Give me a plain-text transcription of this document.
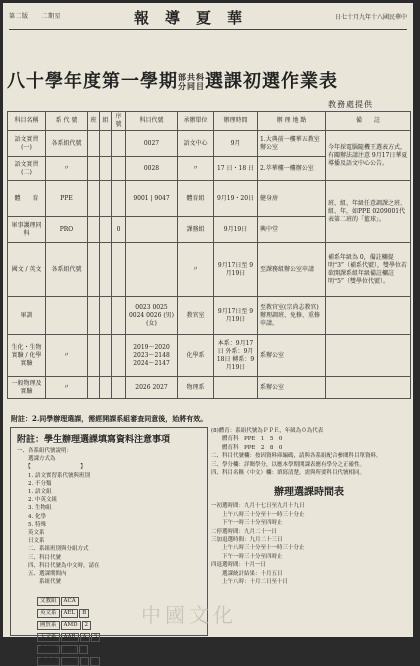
第二版　　二期星	報導夏華	日七十月九年十八國民華中
八十學年度第一學期部共科
分同目選課初選作業表
教務處提供
科目名稱	系 代 號	班	組	序號	科目代號	承辦單位	辦理時間	辦 理 地 點	備　　註
語文實習(一)	各系組代號				0027	語文中心	9月	1.大典前一樓華五教室辦公室	今年採電腦隨機王選表方式，有關辦法請注意 9月17日華夏導播及語文中心公告。
語文實習(二)	〃				0028	〃	17 日・18 日	2.萃華樓一樓辦公室	
體　　育	PPE				9001 | 9047	體育組	9月19・20日	健身房	班、組、年級任意調課之班、組、年，如PPE 0209001代表第二班的「籃球」。
軍事護理同科	PRO			0		課務組	9月19日	興中堂	
國文 / 英文	各系組代號					〃	9月17日至 9月19日	至課務組辦公室申請	補系年級為 0，備註欄提明“3”（補系代號），雙學位若欲開課系組年級備註欄註明“5”（雙學位代號）。
軍訓					0023 0025 0024 0026 (男) (女)	教官室	9月17日至 9月19日	至教官室(宗尚志教官)辦理調班、免修、重修申請。	
生化・生物實驗 / 化學實驗	〃				2019～2020 2023～2148 2024～2147	化學系	本系：9月17日 外系：9月18日 轉系：9月19日	系辦公室	
一般物理及實驗	〃				2026 2027	物理系		系辦公室	
附註：2.同學辦理選課，需經開課系組審查同意後，始將有效。
附註：學生辦理選課填寫資料注意事項
一、各系組代號說明：
　　選課方式為
　　【　　　　　　　　　】
　　1. 語文實習系代號與班別
　　2. 不分類
　　1. 語文組
　　2. 中英文組
　　3. 生物組
　　4. 化學
　　5. 特殊
　　英文系
　　日文系
　　二、系組班別與分組方式
　　三、科目代號
　　四、科目代號為中文時，請在
　　五、選課期間內
　　　　系組代號

文教組 ACA
英文系 AEL B
國貿系 AMD 2
天文系 AAR A 3
戲劇系 DLT 0
教務處 PRO 1 0
(8)體育：系組代號為ＰＰＥ，年級為０為代表
　　體育科　PPE　1　5　0
　　體育科　PPE　2　8　0
二、科目代號欄：按因資料庫編碼，請與各系組配合參閱科目單資料。
三、學分欄：詳閱學分，以應本學期開課表應有學分之正確性。
四、科目名稱（中文）欄：填寫清楚，需與所要科目代號相同。
辦理選課時間表
一初選時間：九月十七日至九月十九日
　　上午八時三十分至十一時三十分止
　　下午一時三十分至四時止
二停選時間：九月二十一日
三加退選時間：九月二十三日
　　上午八時三十分至十一時三十分止
　　下午一時三十分至四時止
四退選時間：十月一日
　　選課統計結果：十月五日
　　上午八時：十月二日至十日
中國文化
